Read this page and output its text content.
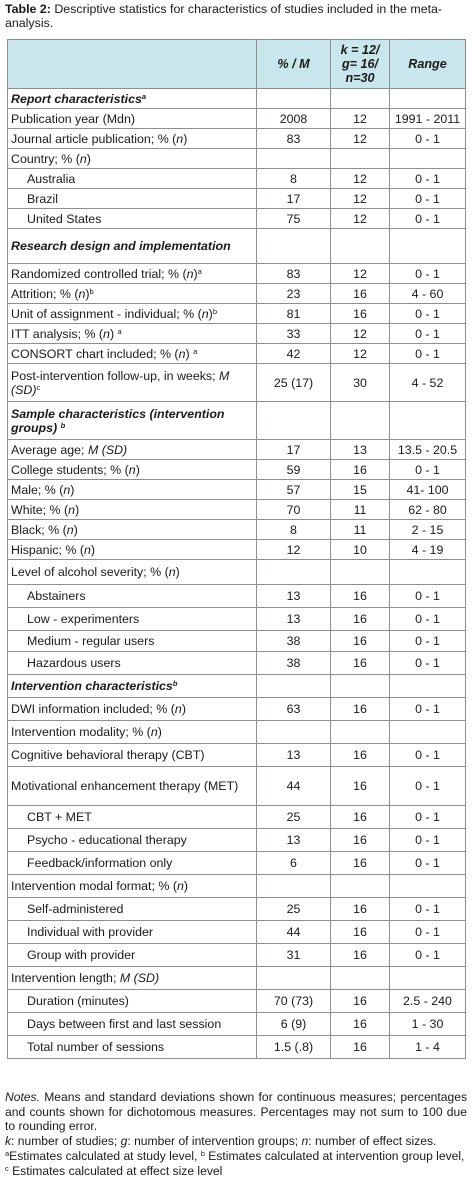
Table 2: Descriptive statistics for characteristics of studies included in the meta-analysis.
	% / M	k = 12/ g= 16/ n=30	Range
Report characteristics$^a$			
Publication year (Mdn)	2008	12	1991 - 2011
Journal article publication; % (n)	83	12	0 - 1
Country; % (n)			
Australia	8	12	0 - 1
Brazil	17	12	0 - 1
United States	75	12	0 - 1
Research design and implementation			
Randomized controlled trial; % $(n)^a$	83	12	0 - 1
Attrition; % $(n)^b$	23	16	4 - 60
Unit of assignment - individual; % $(n)^b$	81	16	0 - 1
ITT analysis; % (n) $^a$	33	12	0 - 1
CONSORT chart included; % (n) $^a$	42	12	0 - 1
Post-intervention follow-up, in weeks; M (SD)$^c$	25 (17)	30	4 - 52
Sample characteristics (intervention groups) $^b$			
Average age; M (SD)	17	13	13.5 - 20.5
College students; % (n)	59	16	0 - 1
Male; % (n)	57	15	41- 100
White; % (n)	70	11	62 - 80
Black; % (n)	8	11	2 - 15
Hispanic; % (n)	12	10	4 - 19
Level of alcohol severity; % (n)			
Abstainers	13	16	0 - 1
Low - experimenters	13	16	0 - 1
Medium - regular users	38	16	0 - 1
Hazardous users	38	16	0 - 1
Intervention characteristics$^b$			
DWI information included; % (n)	63	16	0 - 1
Intervention modality; % (n)			
Cognitive behavioral therapy (CBT)	13	16	0 - 1
Motivational enhancement therapy (MET)	44	16	0 - 1
CBT + MET	25	16	0 - 1
Psycho - educational therapy	13	16	0 - 1
Feedback/information only	6	16	0 - 1
Intervention modal format; % (n)			
Self-administered	25	16	0 - 1
Individual with provider	44	16	0 - 1
Group with provider	31	16	0 - 1
Intervention length; M (SD)			
Duration (minutes)	70 (73)	16	2.5 - 240
Days between first and last session	6 (9)	16	1 - 30
Total number of sessions	1.5 (.8)	16	1 - 4

Notes. Means and standard deviations shown for continuous measures; percentages and counts shown for dichotomous measures. Percentages may not sum to 100 due to rounding error.

k: number of studies; g: number of intervention groups; n: number of effect sizes.

$^a$Estimates calculated at study level, $^b$ Estimates calculated at intervention group level, $^c$ Estimates calculated at effect size level
